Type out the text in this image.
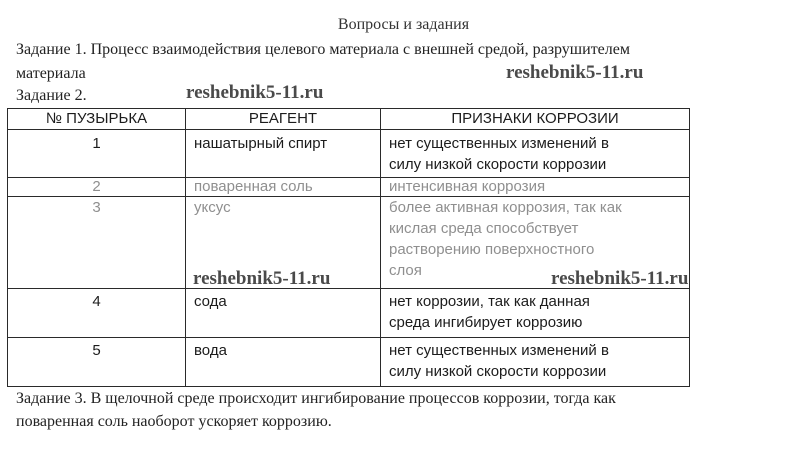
Вопросы и задания
Задание 1. Процесс взаимодействия целевого материала с внешней средой, разрушителем
материала
Задание 2.
№ ПУЗЫРЬКА	РЕАГЕНТ	ПРИЗНАКИ КОРРОЗИИ
1	нашатырный спирт	нет существенных изменений в
силу низкой скорости коррозии

2	поваренная соль	интенсивная коррозия

3	уксус	более активная коррозия, так как
кислая среда способствует
растворению поверхностного
слоя

4	сода	нет коррозии, так как данная
среда ингибирует коррозию

5	вода	нет существенных изменений в
силу низкой скорости коррозии
Задание 3. В щелочной среде происходит ингибирование процессов коррозии, тогда как
поваренная соль наоборот ускоряет коррозию.
reshebnik5-11.ru
reshebnik5-11.ru
reshebnik5-11.ru	reshebnik5-11.ru
